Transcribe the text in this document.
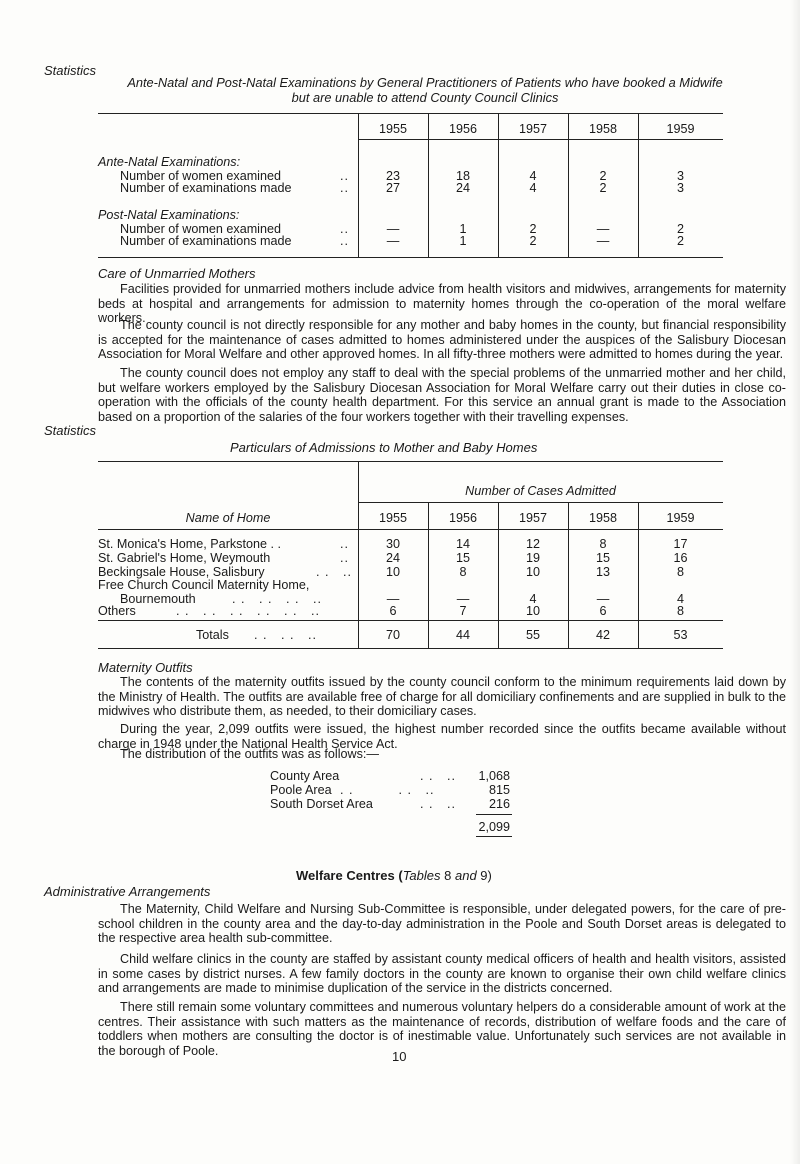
Statistics
Ante-Natal and Post-Natal Examinations by General Practitioners of Patients who have booked a Midwife
but are unable to attend County Council Clinics
1955	1956	1957	1958	1959
Ante-Natal Examinations:
Number of women examined	..	23	18	4	2	3
Number of examinations made	..	27	24	4	2	3
Post-Natal Examinations:
Number of women examined	..	—	1	2	—	2
Number of examinations made	..	—	1	2	—	2
Care of Unmarried Mothers

Facilities provided for unmarried mothers include advice from health visitors and midwives, arrangements for maternity beds at hospital and arrangements for admission to maternity homes through the co-operation of the moral welfare workers.

The county council is not directly responsible for any mother and baby homes in the county, but financial responsibility is accepted for the maintenance of cases admitted to homes administered under the auspices of the Salisbury Diocesan Association for Moral Welfare and other approved homes. In all fifty-three mothers were admitted to homes during the year.

The county council does not employ any staff to deal with the special problems of the unmarried mother and her child, but welfare workers employed by the Salisbury Diocesan Association for Moral Welfare carry out their duties in close co-operation with the officials of the county health department. For this service an annual grant is made to the Association based on a proportion of the salaries of the four workers together with their travelling expenses.

Statistics
Particulars of Admissions to Mother and Baby Homes
Number of Cases Admitted
Name of Home	1955	1956	1957	1958	1959
St. Monica's Home, Parkstone . .	..	30	14	12	8	17
St. Gabriel's Home, Weymouth	..	24	15	19	15	16
Beckingsale House, Salisbury	. .   ..	10	8	10	13	8
Free Church Council Maternity Home,
Bournemouth	. .   . .   . .   ..	—	—	4	—	4
Others	. .   . .   . .   . .   . .   ..	6	7	10	6	8
Totals . .   . .   ..	70	44	55	42	53
Maternity Outfits

The contents of the maternity outfits issued by the county council conform to the minimum requirements laid down by the Ministry of Health. The outfits are available free of charge for all domiciliary confinements and are supplied in bulk to the midwives who distribute them, as needed, to their domiciliary cases.

During the year, 2,099 outfits were issued, the highest number recorded since the outfits became available without charge in 1948 under the National Health Service Act.

The distribution of the outfits was as follows:—

County Area	. .   ..	1,068
Poole Area . .          . .   ..	815
South Dorset Area	. .   ..	216
2,099
Welfare Centres (Tables 8 and 9)
Administrative Arrangements

The Maternity, Child Welfare and Nursing Sub-Committee is responsible, under delegated powers, for the care of pre-school children in the county area and the day-to-day administration in the Poole and South Dorset areas is delegated to the respective area health sub-committee.

Child welfare clinics in the county are staffed by assistant county medical officers of health and health visitors, assisted in some cases by district nurses. A few family doctors in the county are known to organise their own child welfare clinics and arrangements are made to minimise duplication of the service in the districts concerned.

There still remain some voluntary committees and numerous voluntary helpers do a considerable amount of work at the centres. Their assistance with such matters as the maintenance of records, distribution of welfare foods and the care of toddlers when mothers are consulting the doctor is of inestimable value. Unfortunately such services are not available in the borough of Poole.	10
